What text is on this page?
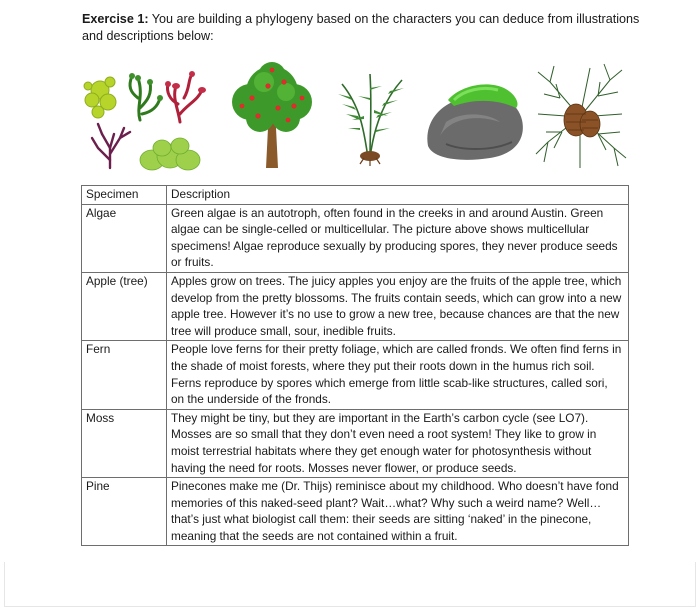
Exercise 1: You are building a phylogeny based on the characters you can deduce from illustrations and descriptions below:

Specimen	Description
Algae	Green algae is an autotroph, often found in the creeks in and around Austin. Green algae can be single-celled or multicellular. The picture above shows multicellular specimens! Algae reproduce sexually by producing spores, they never produce seeds or fruits.
Apple (tree)	Apples grow on trees. The juicy apples you enjoy are the fruits of the apple tree, which develop from the pretty blossoms. The fruits contain seeds, which can grow into a new apple tree. However it’s no use to grow a new tree, because chances are that the new tree will produce small, sour, inedible fruits.
Fern	People love ferns for their pretty foliage, which are called fronds. We often find ferns in the shade of moist forests, where they put their roots down in the humus rich soil. Ferns reproduce by spores which emerge from little scab-like structures, called sori, on the underside of the fronds.
Moss	They might be tiny, but they are important in the Earth’s carbon cycle (see LO7). Mosses are so small that they don’t even need a root system! They like to grow in moist terrestrial habitats where they get enough water for photosynthesis without having the need for roots. Mosses never flower, or produce seeds.
Pine	Pinecones make me (Dr. Thijs) reminisce about my childhood. Who doesn’t have fond memories of this naked-seed plant? Wait…what? Why such a weird name? Well… that’s just what biologist call them: their seeds are sitting ‘naked’ in the pinecone, meaning that the seeds are not contained within a fruit.
